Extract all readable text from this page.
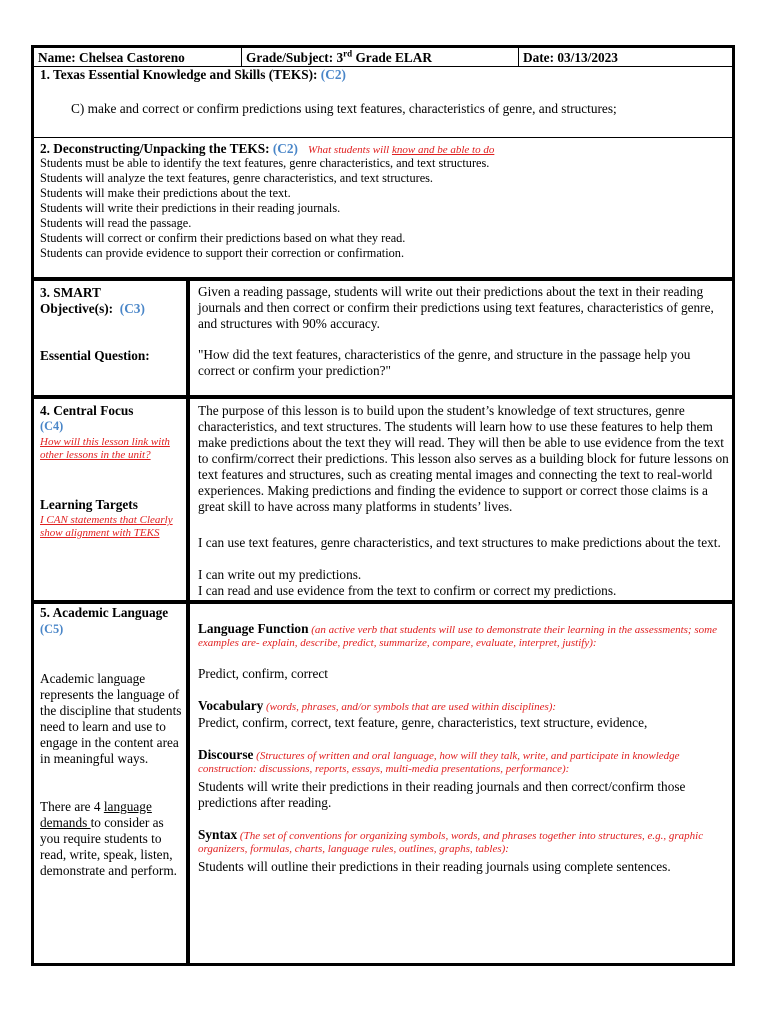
Name: Chelsea Castoreno	Grade/Subject: 3rd Grade ELAR	Date: 03/13/2023
1. Texas Essential Knowledge and Skills (TEKS): (C2)
C) make and correct or confirm predictions using text features, characteristics of genre, and structures;
2. Deconstructing/Unpacking the TEKS: (C2) What students will know and be able to do
Students must be able to identify the text features, genre characteristics, and text structures.
Students will analyze the text features, genre characteristics, and text structures.
Students will make their predictions about the text.
Students will write their predictions in their reading journals.
Students will read the passage.
Students will correct or confirm their predictions based on what they read.
Students can provide evidence to support their correction or confirmation.
3. SMART
Objective(s): (C3)
Given a reading passage, students will write out their predictions about the text in their reading journals and then correct or confirm their predictions using text features, characteristics of genre, and structures with 90% accuracy.
Essential Question:	"How did the text features, characteristics of the genre, and structure in the passage help you correct or confirm your prediction?"
4. Central Focus
(C4)
How will this lesson link with other lessons in the unit?
Learning Targets
I CAN statements that Clearly show alignment with TEKS
The purpose of this lesson is to build upon the student’s knowledge of text structures, genre characteristics, and text structures. The students will learn how to use these features to help them make predictions about the text they will read. They will then be able to use evidence from the text to confirm/correct their predictions. This lesson also serves as a building block for future lessons on text features and structures, such as creating mental images and connecting the text to real-world experiences. Making predictions and finding the evidence to support or correct those claims is a great skill to have across many platforms in students’ lives.
I can use text features, genre characteristics, and text structures to make predictions about the text.
I can write out my predictions.
I can read and use evidence from the text to confirm or correct my predictions.
5. Academic Language
(C5)
Academic language represents the language of the discipline that students need to learn and use to engage in the content area in meaningful ways.
There are 4 language demands to consider as you require students to read, write, speak, listen, demonstrate and perform.
Language Function (an active verb that students will use to demonstrate their learning in the assessments; some examples are- explain, describe, predict, summarize, compare, evaluate, interpret, justify):
Predict, confirm, correct
Vocabulary (words, phrases, and/or symbols that are used within disciplines):
Predict, confirm, correct, text feature, genre, characteristics, text structure, evidence,
Discourse (Structures of written and oral language, how will they talk, write, and participate in knowledge construction: discussions, reports, essays, multi-media presentations, performance):
Students will write their predictions in their reading journals and then correct/confirm those predictions after reading.
Syntax (The set of conventions for organizing symbols, words, and phrases together into structures, e.g., graphic organizers, formulas, charts, language rules, outlines, graphs, tables):
Students will outline their predictions in their reading journals using complete sentences.
